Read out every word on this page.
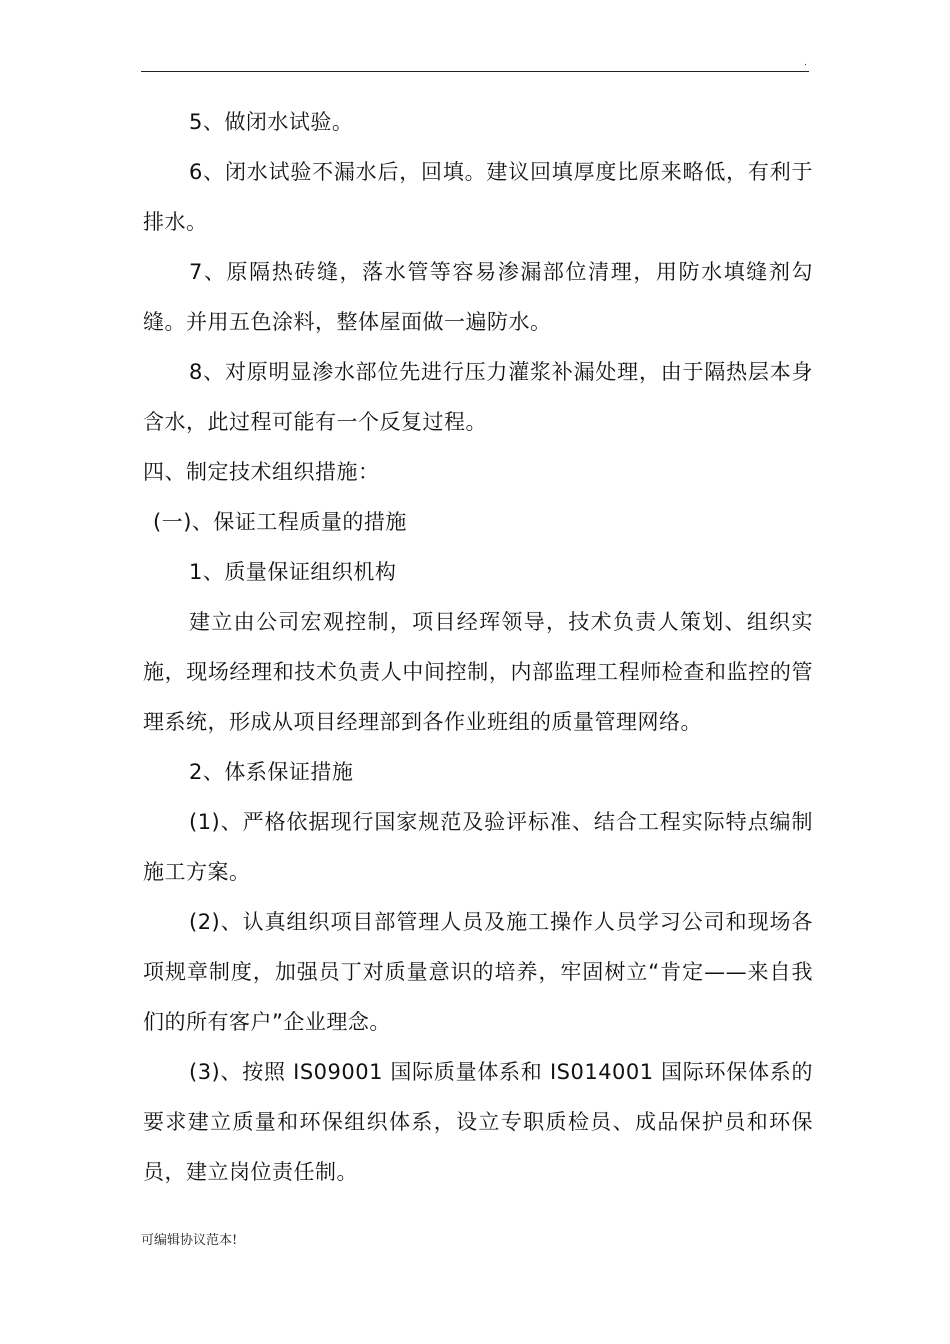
.

5、做闭水试验。

6、闭水试验不漏水后，回填。建议回填厚度比原来略低，有利于排水。

7、原隔热砖缝，落水管等容易渗漏部位清理，用防水填缝剂勾缝。并用五色涂料，整体屋面做一遍防水。

8、对原明显渗水部位先进行压力灌浆补漏处理，由于隔热层本身含水，此过程可能有一个反复过程。

四、制定技术组织措施：

(一)、保证工程质量的措施

1、质量保证组织机构

建立由公司宏观控制，项目经珲领导，技术负责人策划、组织实施，现场经理和技术负责人中间控制，内部监理工程师检查和监控的管理系统，形成从项目经理部到各作业班组的质量管理网络。

2、体系保证措施

(1)、严格依据现行国家规范及验评标准、结合工程实际特点编制施工方案。

(2)、认真组织项目部管理人员及施工操作人员学习公司和现场各项规章制度，加强员丁对质量意识的培养，牢固树立“肯定——来自我们的所有客户”企业理念。

(3)、按照 IS09001 国际质量体系和 IS014001 国际环保体系的要求建立质量和环保组织体系，设立专职质检员、成品保护员和环保员，建立岗位责任制。

可编辑协议范本!
